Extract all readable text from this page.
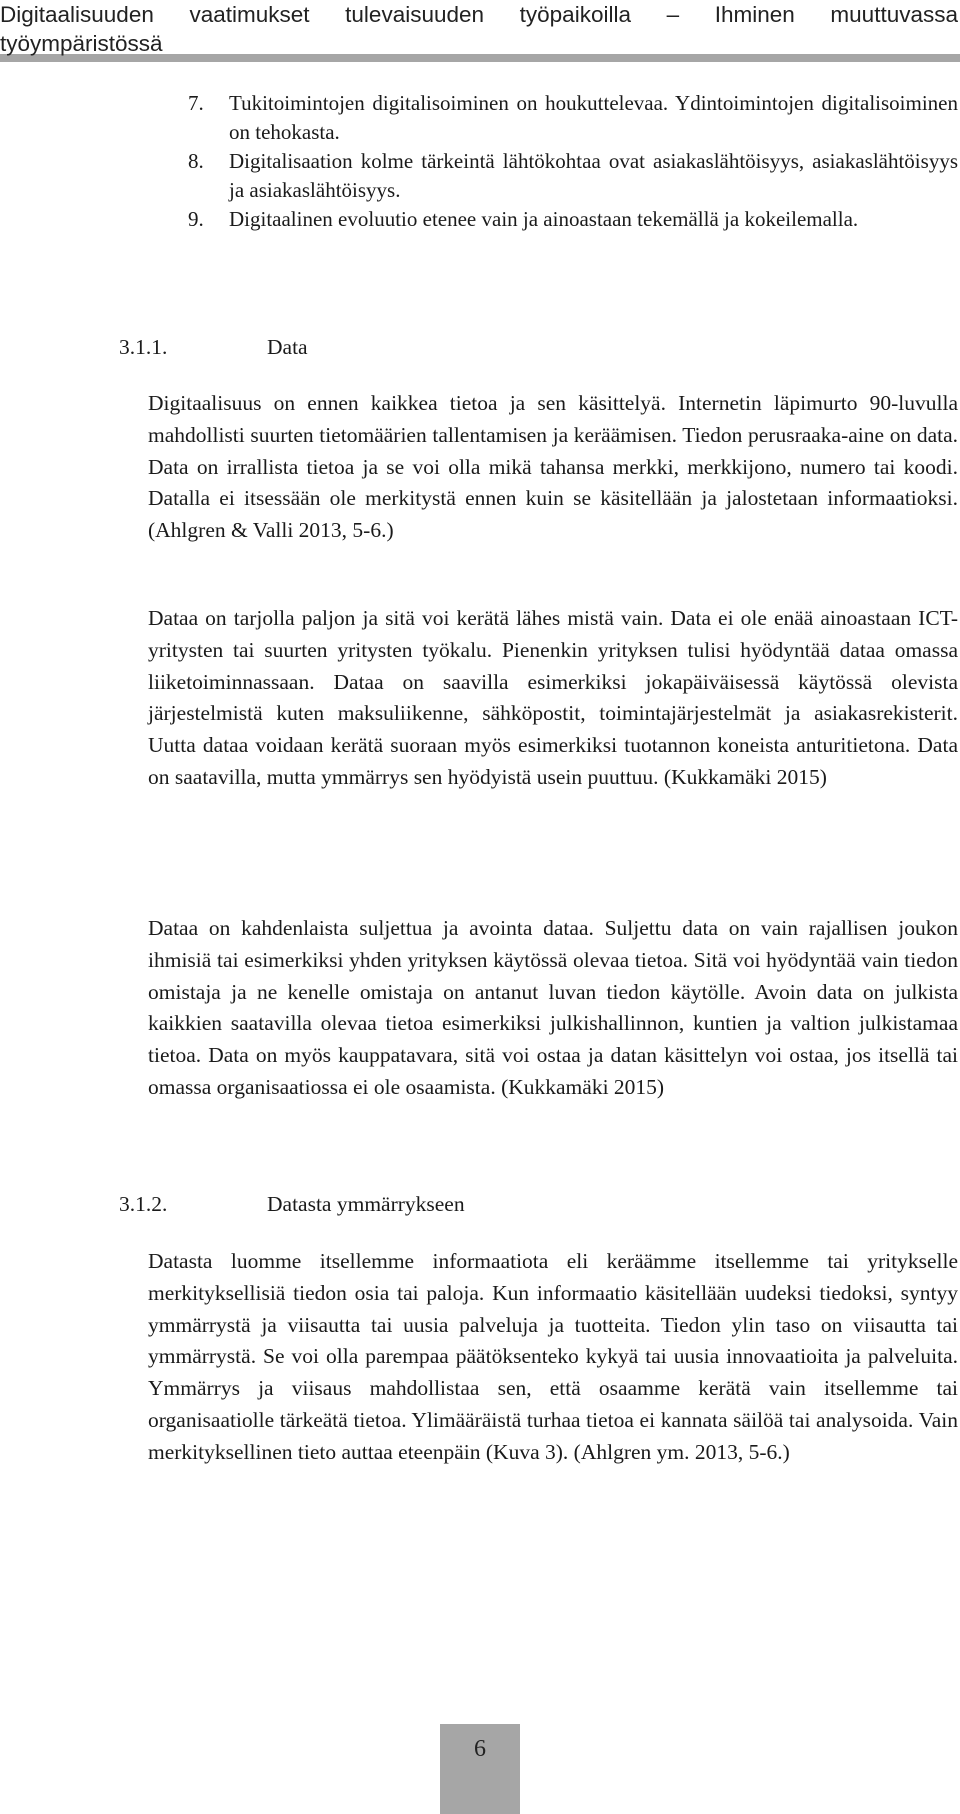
Digitaalisuuden vaatimukset tulevaisuuden työpaikoilla – Ihminen muuttuvassa
työympäristössä
7.	Tukitoimintojen digitalisoiminen on houkuttelevaa. Ydintoimintojen digitalisoiminen on tehokasta.
8.	Digitalisaation kolme tärkeintä lähtökohtaa ovat asiakaslähtöisyys, asiakaslähtöisyys ja asiakaslähtöisyys.
9.	Digitaalinen evoluutio etenee vain ja ainoastaan tekemällä ja kokeilemalla.
3.1.1.	Data

Digitaalisuus on ennen kaikkea tietoa ja sen käsittelyä. Internetin läpimurto 90-luvulla mahdollisti suurten tietomäärien tallentamisen ja keräämisen. Tiedon perusraaka-aine on data. Data on irrallista tietoa ja se voi olla mikä tahansa merkki, merkkijono, numero tai koodi. Datalla ei itsessään ole merkitystä ennen kuin se käsitellään ja jalostetaan informaatioksi. (Ahlgren & Valli 2013, 5-6.)

Dataa on tarjolla paljon ja sitä voi kerätä lähes mistä vain. Data ei ole enää ainoastaan ICT-yritysten tai suurten yritysten työkalu. Pienenkin yrityksen tulisi hyödyntää dataa omassa liiketoiminnassaan. Dataa on saavilla esimerkiksi jokapäiväisessä käytössä olevista järjestelmistä kuten maksuliikenne, sähköpostit, toimintajärjestelmät ja asiakasrekisterit. Uutta dataa voidaan kerätä suoraan myös esimerkiksi tuotannon koneista anturitietona. Data on saatavilla, mutta ymmärrys sen hyödyistä usein puuttuu. (Kukkamäki 2015)

Dataa on kahdenlaista suljettua ja avointa dataa. Suljettu data on vain rajallisen joukon ihmisiä tai esimerkiksi yhden yrityksen käytössä olevaa tietoa. Sitä voi hyödyntää vain tiedon omistaja ja ne kenelle omistaja on antanut luvan tiedon käytölle. Avoin data on julkista kaikkien saatavilla olevaa tietoa esimerkiksi julkishallinnon, kuntien ja valtion julkistamaa tietoa. Data on myös kauppatavara, sitä voi ostaa ja datan käsittelyn voi ostaa, jos itsellä tai omassa organisaatiossa ei ole osaamista. (Kukkamäki 2015)

3.1.2.	Datasta ymmärrykseen

Datasta luomme itsellemme informaatiota eli keräämme itsellemme tai yritykselle merkityksellisiä tiedon osia tai paloja. Kun informaatio käsitellään uudeksi tiedoksi, syntyy ymmärrystä ja viisautta tai uusia palveluja ja tuotteita. Tiedon ylin taso on viisautta tai ymmärrystä. Se voi olla parempaa päätöksenteko kykyä tai uusia innovaatioita ja palveluita. Ymmärrys ja viisaus mahdollistaa sen, että osaamme kerätä vain itsellemme tai organisaatiolle tärkeätä tietoa. Ylimääräistä turhaa tietoa ei kannata säilöä tai analysoida. Vain merkityksellinen tieto auttaa eteenpäin (Kuva 3). (Ahlgren ym. 2013, 5-6.)

6
